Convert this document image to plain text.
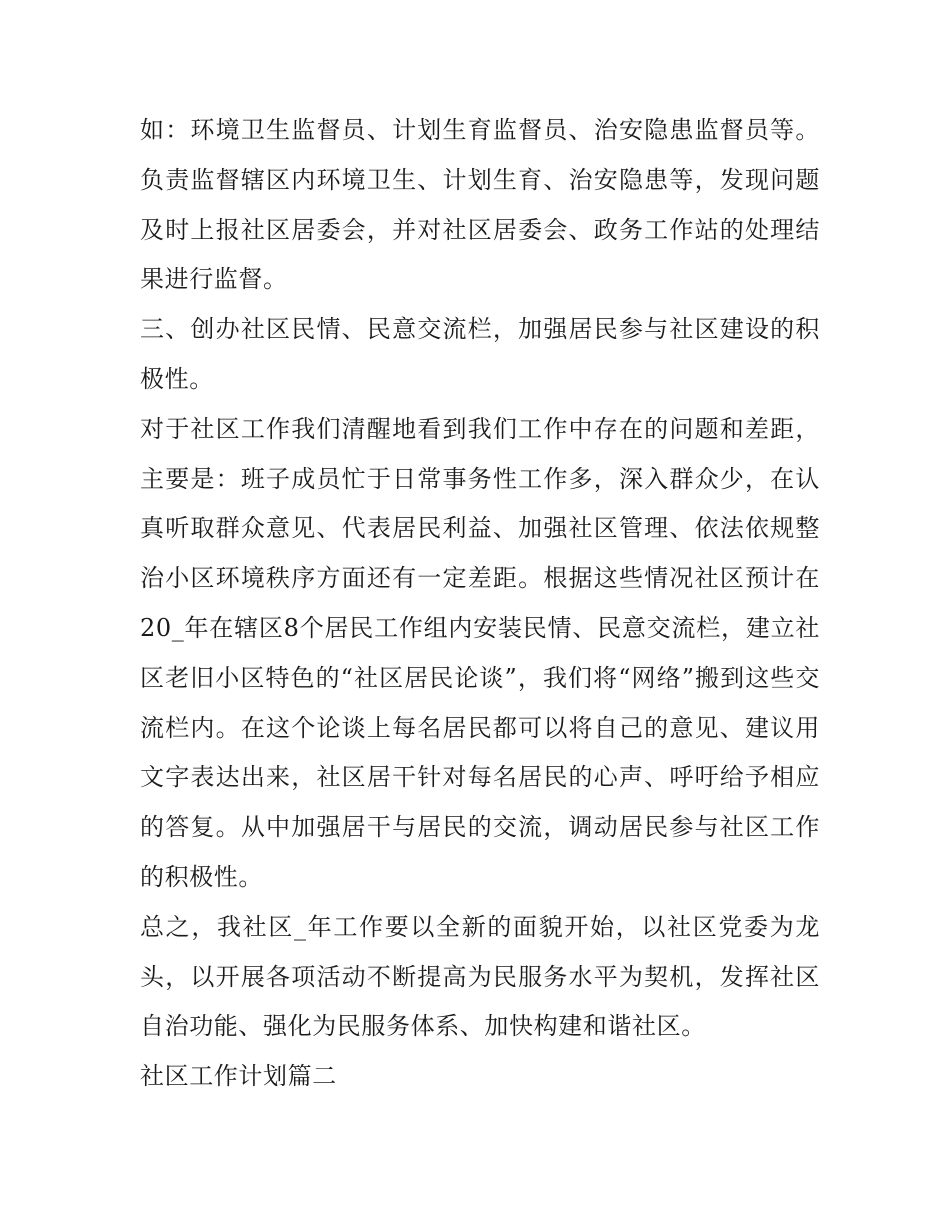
如：环境卫生监督员、计划生育监督员、治安隐患监督员等。负责监督辖区内环境卫生、计划生育、治安隐患等，发现问题及时上报社区居委会，并对社区居委会、政务工作站的处理结果进行监督。

三、创办社区民情、民意交流栏，加强居民参与社区建设的积极性。

对于社区工作我们清醒地看到我们工作中存在的问题和差距，主要是：班子成员忙于日常事务性工作多，深入群众少，在认真听取群众意见、代表居民利益、加强社区管理、依法依规整治小区环境秩序方面还有一定差距。根据这些情况社区预计在20_年在辖区8个居民工作组内安装民情、民意交流栏，建立社区老旧小区特色的“社区居民论谈”，我们将“网络”搬到这些交流栏内。在这个论谈上每名居民都可以将自己的意见、建议用文字表达出来，社区居干针对每名居民的心声、呼吁给予相应的答复。从中加强居干与居民的交流，调动居民参与社区工作的积极性。

总之，我社区_年工作要以全新的面貌开始，以社区党委为龙头，以开展各项活动不断提高为民服务水平为契机，发挥社区自治功能、强化为民服务体系、加快构建和谐社区。

社区工作计划篇二
